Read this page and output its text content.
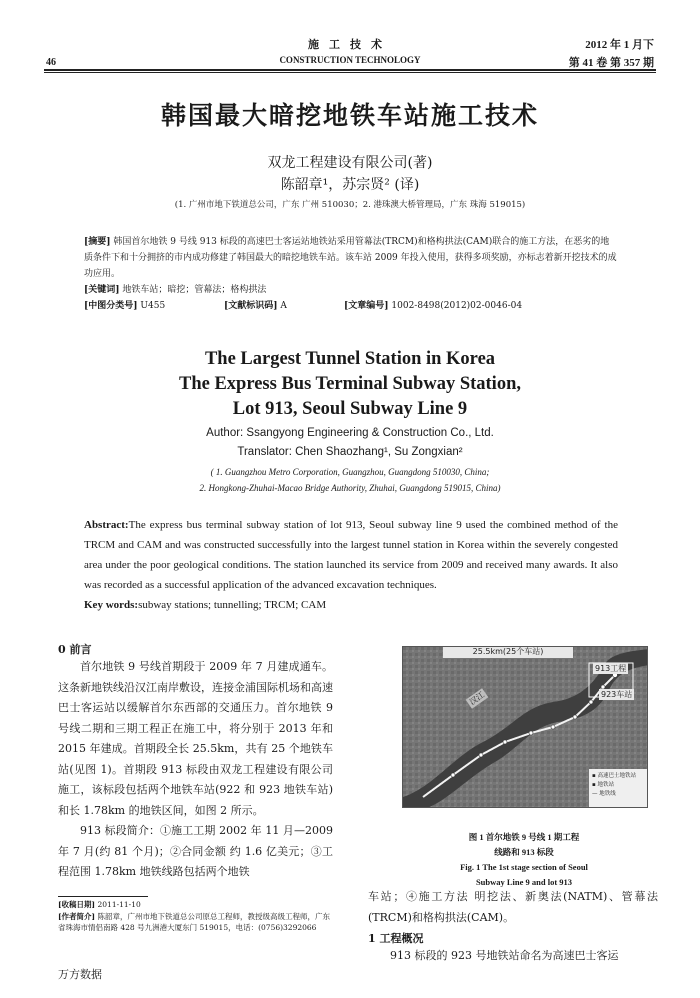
46
施工技术
CONSTRUCTION TECHNOLOGY
2012 年 1 月下
第 41 卷 第 357 期
韩国最大暗挖地铁车站施工技术
双龙工程建设有限公司(著)
陈韶章¹，苏宗贤² (译)
(1. 广州市地下铁道总公司，广东 广州 510030；2. 港珠澳大桥管理局，广东 珠海 519015)
[摘要] 韩国首尔地铁 9 号线 913 标段的高速巴士客运站地铁站采用管幕法(TRCM)和格构拱法(CAM)联合的施工方法，在恶劣的地质条件下和十分拥挤的市内成功修建了韩国最大的暗挖地铁车站。该车站 2009 年投入使用，获得多项奖励，亦标志着新开挖技术的成功应用。
[关键词] 地铁车站；暗挖；管幕法；格构拱法
[中图分类号] U455	[文献标识码] A	[文章编号] 1002-8498(2012)02-0046-04
The Largest Tunnel Station in Korea
The Express Bus Terminal Subway Station,
Lot 913, Seoul Subway Line 9
Author: Ssangyong Engineering & Construction Co., Ltd.
Translator: Chen Shaozhang¹, Su Zongxian²
( 1. Guangzhou Metro Corporation, Guangzhou, Guangdong 510030, China;
2. Hongkong-Zhuhai-Macao Bridge Authority, Zhuhai, Guangdong 519015, China)
Abstract:The express bus terminal subway station of lot 913, Seoul subway line 9 used the combined method of the TRCM and CAM and was constructed successfully into the largest tunnel station in Korea within the severely congested area under the poor geological conditions. The station launched its service from 2009 and received many awards. It also was recorded as a successful application of the advanced excavation techniques.
Key words:subway stations; tunnelling; TRCM; CAM
0 前言
首尔地铁 9 号线首期段于 2009 年 7 月建成通车。这条新地铁线沿汉江南岸敷设，连接金浦国际机场和高速巴士客运站以缓解首尔东西部的交通压力。首尔地铁 9 号线二期和三期工程正在施工中，将分别于 2013 年和 2015 年建成。首期段全长 25.5km，共有 25 个地铁车站(见图 1)。首期段 913 标段由双龙工程建设有限公司施工，该标段包括两个地铁车站(922 和 923 地铁车站)和长 1.78km 的地铁区间，如图 2 所示。
913 标段简介：①施工工期 2002 年 11 月—2009 年 7 月(约 81 个月)；②合同金额 约 1.6 亿美元；③工程范围 1.78km 地铁线路包括两个地铁
[收稿日期] 2011-11-10
[作者简介] 陈韶章，广州市地下铁道总公司原总工程师，教授级高级工程师，广东省珠海市情侣南路 428 号九洲港大厦东门 519015，电话：(0756)3292066
万方数据
25.5km(25个车站)
913工程
923车站
汉江
▪ 高速巴士地铁站
▪ 地铁站
— 地铁线
图 1 首尔地铁 9 号线 1 期工程
线路和 913 标段
Fig. 1 The 1st stage section of Seoul
Subway Line 9 and lot 913
车站；④施工方法 明挖法、新奥法(NATM)、管幕法(TRCM)和格构拱法(CAM)。
1 工程概况
913 标段的 923 号地铁站命名为高速巴士客运
